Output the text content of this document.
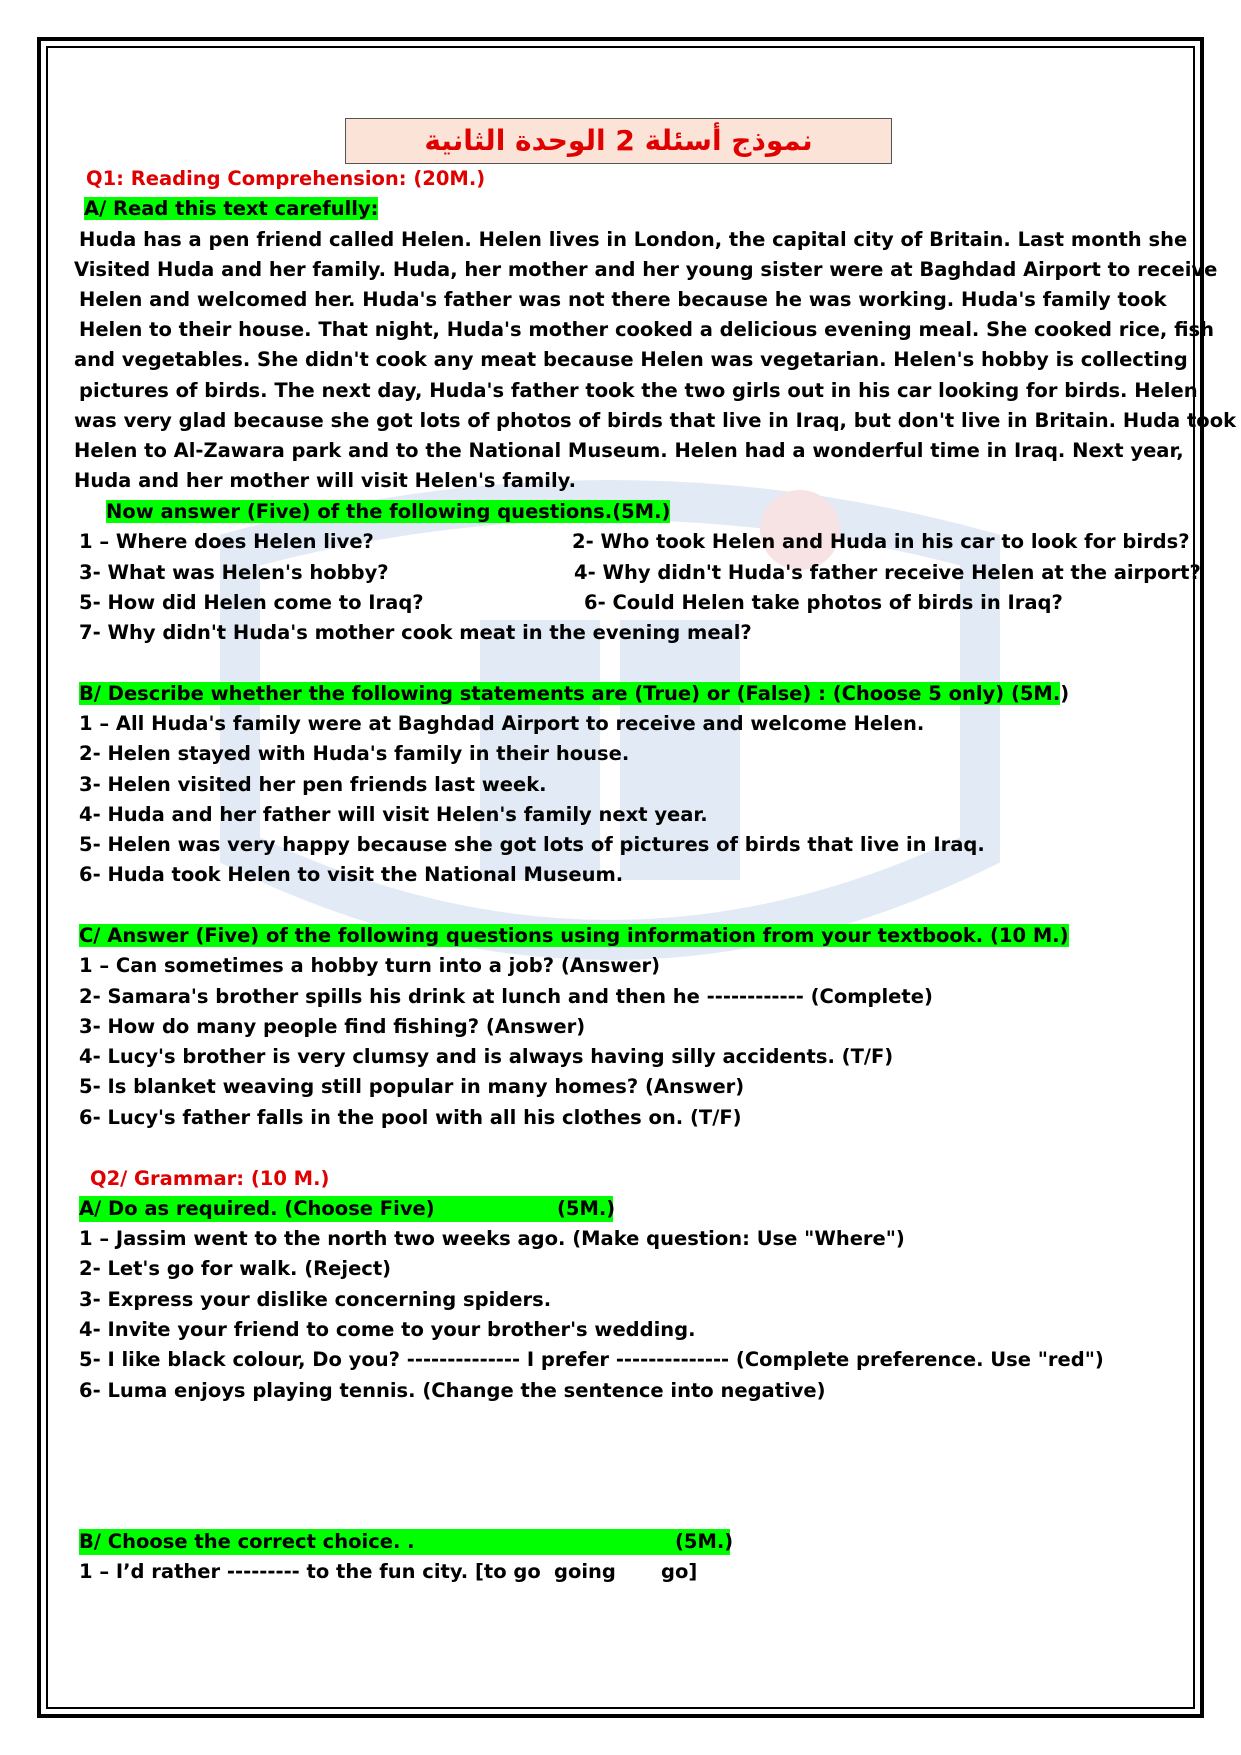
نموذج أسئلة 2 الوحدة الثانية
Q1: Reading Comprehension: (20M.)
A/ Read this text carefully:
Huda has a pen friend called Helen. Helen lives in London, the capital city of Britain. Last month she
Visited Huda and her family. Huda, her mother and her young sister were at Baghdad Airport to receive
Helen and welcomed her. Huda's father was not there because he was working. Huda's family took
Helen to their house. That night, Huda's mother cooked a delicious evening meal. She cooked rice, fish
and vegetables. She didn't cook any meat because Helen was vegetarian. Helen's hobby is collecting
pictures of birds. The next day, Huda's father took the two girls out in his car looking for birds. Helen
was very glad because she got lots of photos of birds that live in Iraq, but don't live in Britain. Huda took
Helen to Al-Zawara park and to the National Museum. Helen had a wonderful time in Iraq. Next year,
Huda and her mother will visit Helen's family.
Now answer (Five) of the following questions.(5M.)
1 – Where does Helen live?	2- Who took Helen and Huda in his car to look for birds?
3- What was Helen's hobby?	4- Why didn't Huda's father receive Helen at the airport?
5- How did Helen come to Iraq?	6- Could Helen take photos of birds in Iraq?
7- Why didn't Huda's mother cook meat in the evening meal?
B/ Describe whether the following statements are (True) or (False) : (Choose 5 only) (5M.)
1 – All Huda's family were at Baghdad Airport to receive and welcome Helen.
2- Helen stayed with Huda's family in their house.
3- Helen visited her pen friends last week.
4- Huda and her father will visit Helen's family next year.
5- Helen was very happy because she got lots of pictures of birds that live in Iraq.
6- Huda took Helen to visit the National Museum.
C/ Answer (Five) of the following questions using information from your textbook. (10 M.)
1 – Can sometimes a hobby turn into a job? (Answer)
2- Samara's brother spills his drink at lunch and then he ------------ (Complete)
3- How do many people find fishing? (Answer)
4- Lucy's brother is very clumsy and is always having silly accidents. (T/F)
5- Is blanket weaving still popular in many homes? (Answer)
6- Lucy's father falls in the pool with all his clothes on. (T/F)
Q2/ Grammar: (10 M.)
A/ Do as required. (Choose Five)	(5M.)
1 – Jassim went to the north two weeks ago. (Make question: Use "Where")
2- Let's go for walk. (Reject)
3- Express your dislike concerning spiders.
4- Invite your friend to come to your brother's wedding.
5- I like black colour, Do you? -------------- I prefer -------------- (Complete preference. Use "red")
6- Luma enjoys playing tennis. (Change the sentence into negative)
B/ Choose the correct choice. .	(5M.)
1 – I’d rather --------- to the fun city. [to go going go]
